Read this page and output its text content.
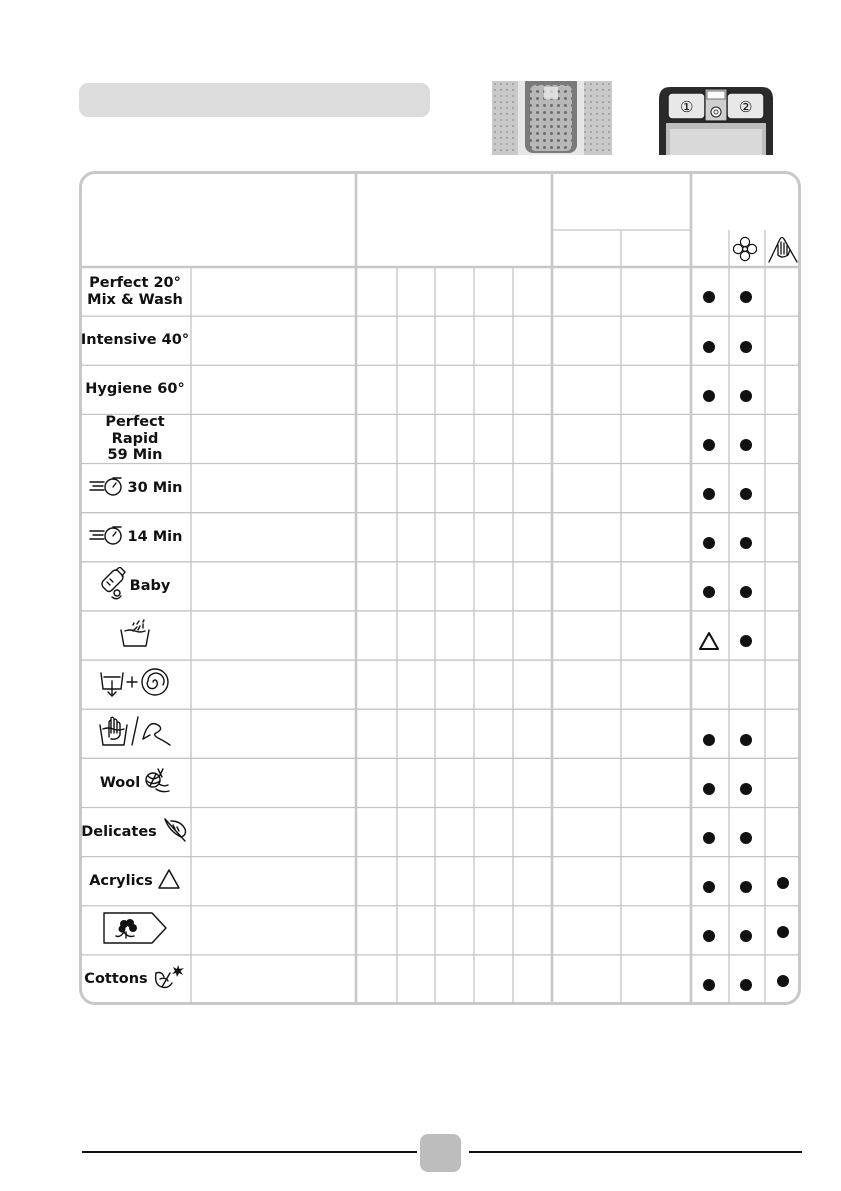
①	②
Perfect 20°
Mix & Wash
Intensive 40°
Hygiene 60°
Perfect Rapid
59 Min
30 Min
14 Min
Baby
Wool
Delicates
Acrylics
Cottons
